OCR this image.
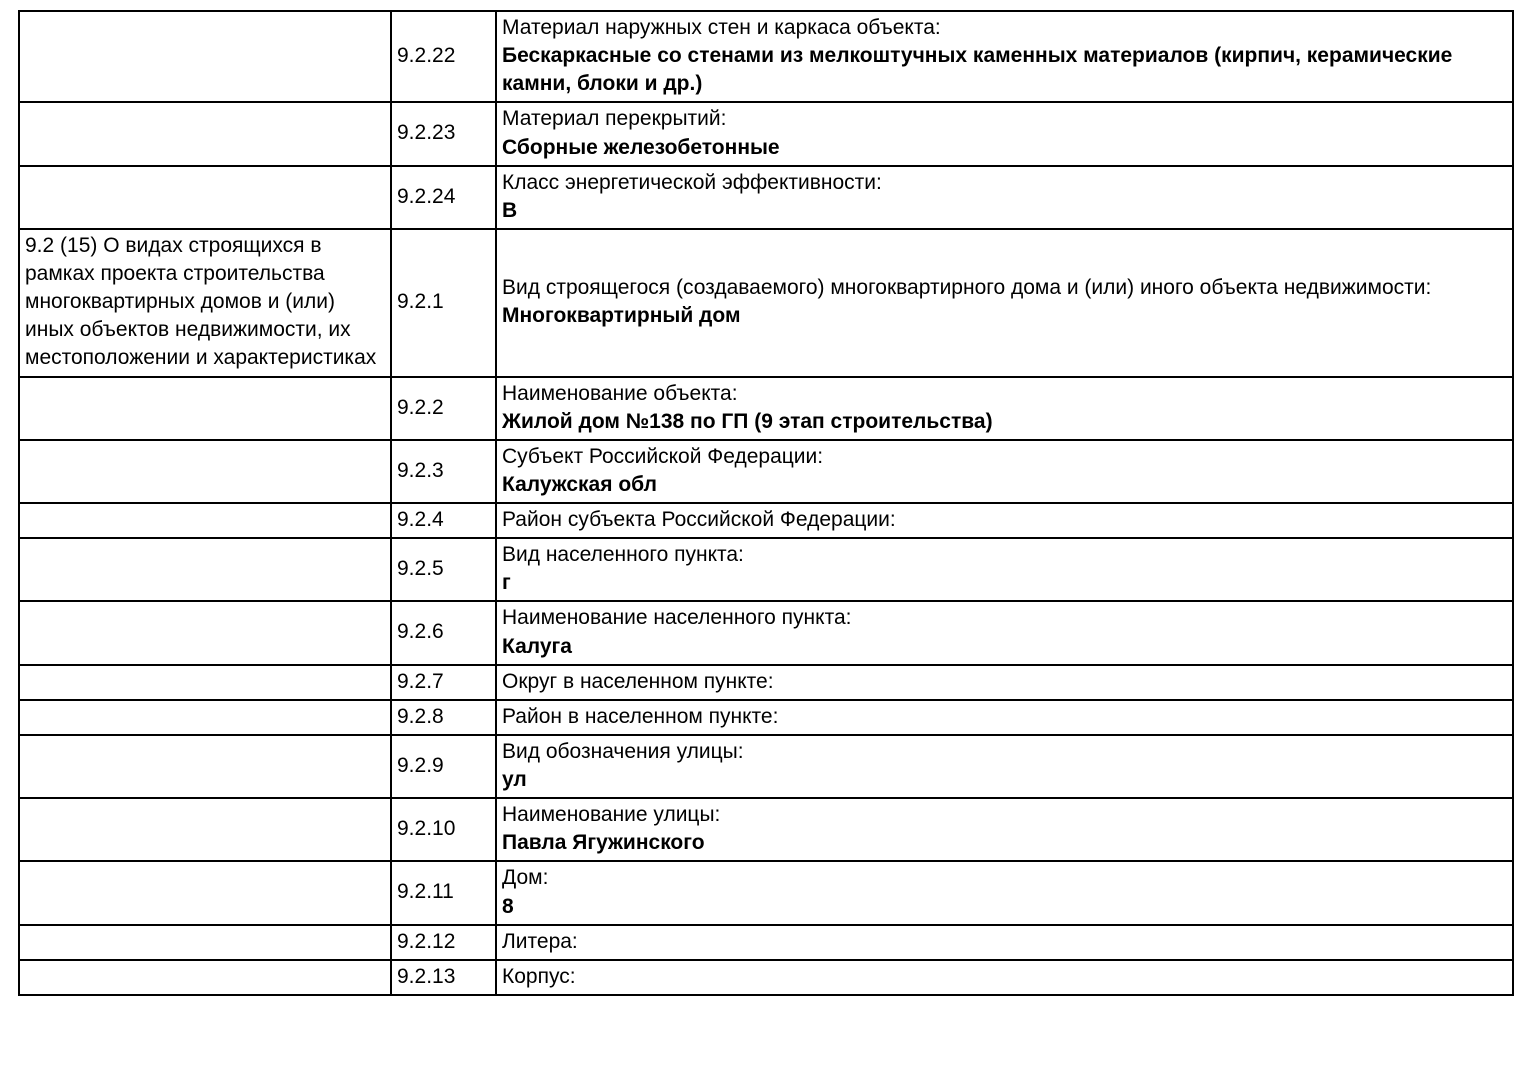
	9.2.22	Материал наружных стен и каркаса объекта:
Бескаркасные со стенами из мелкоштучных каменных материалов (кирпич, керамические камни, блоки и др.)

	9.2.23	Материал перекрытий:
Сборные железобетонные

	9.2.24	Класс энергетической эффективности:
В

9.2 (15) О видах строящихся в рамках проекта строительства многоквартирных домов и (или) иных объектов недвижимости, их местоположении и характеристиках	9.2.1	Вид строящегося (создаваемого) многоквартирного дома и (или) иного объекта недвижимости:
Многоквартирный дом

	9.2.2	Наименование объекта:
Жилой дом №138 по ГП (9 этап строительства)

	9.2.3	Субъект Российской Федерации:
Калужская обл

	9.2.4	Район субъекта Российской Федерации:

	9.2.5	Вид населенного пункта:
г

	9.2.6	Наименование населенного пункта:
Калуга

	9.2.7	Округ в населенном пункте:

	9.2.8	Район в населенном пункте:

	9.2.9	Вид обозначения улицы:
ул

	9.2.10	Наименование улицы:
Павла Ягужинского

	9.2.11	Дом:
8

	9.2.12	Литера:

	9.2.13	Корпус:
